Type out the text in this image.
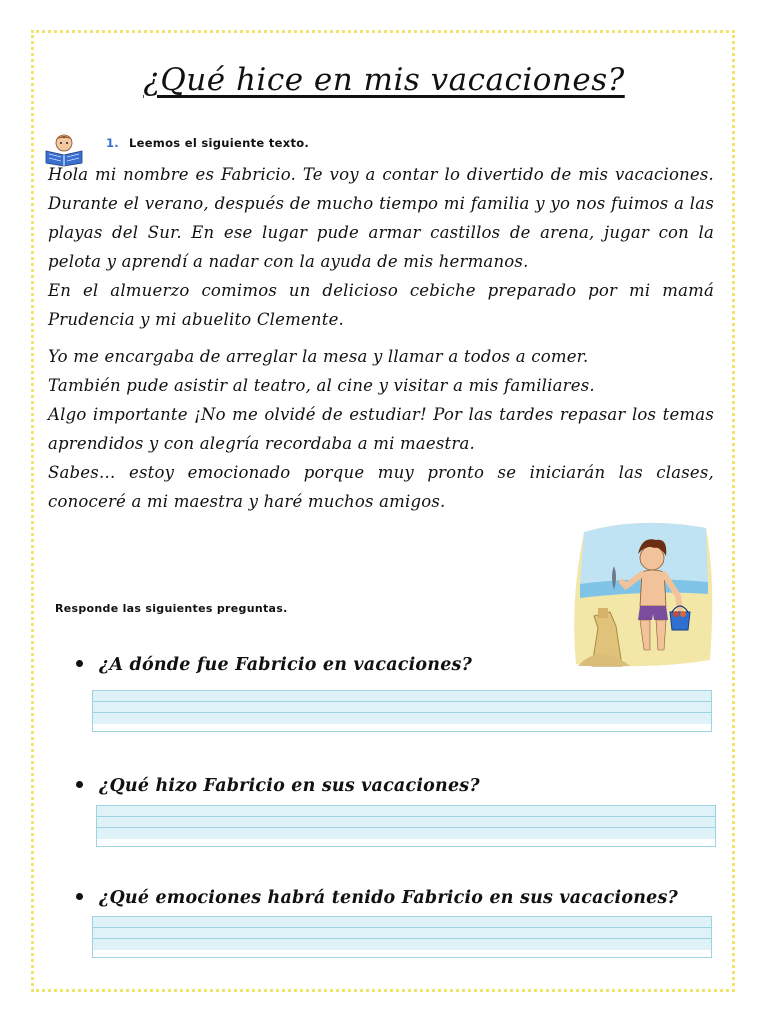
¿Qué hice en mis vacaciones?
1. Leemos el siguiente texto.

Hola mi nombre es Fabricio. Te voy a contar lo divertido de mis vacaciones. Durante el verano, después de mucho tiempo mi familia y yo nos fuimos a las playas del Sur. En ese lugar pude armar castillos de arena, jugar con la pelota y aprendí a nadar con la ayuda de mis hermanos.

En el almuerzo comimos un delicioso cebiche preparado por mi mamá Prudencia y mi abuelito Clemente.

Yo me encargaba de arreglar la mesa y llamar a todos a comer.

También pude asistir al teatro, al cine y visitar a mis familiares.

Algo importante ¡No me olvidé de estudiar! Por las tardes repasar los temas aprendidos y con alegría recordaba a mi maestra.

Sabes… estoy emocionado porque muy pronto se iniciarán las clases, conoceré a mi maestra y haré muchos amigos.

Responde las siguientes preguntas.
¿A dónde fue Fabricio en vacaciones?
¿Qué hizo Fabricio en sus vacaciones?
¿Qué emociones habrá tenido Fabricio en sus vacaciones?
